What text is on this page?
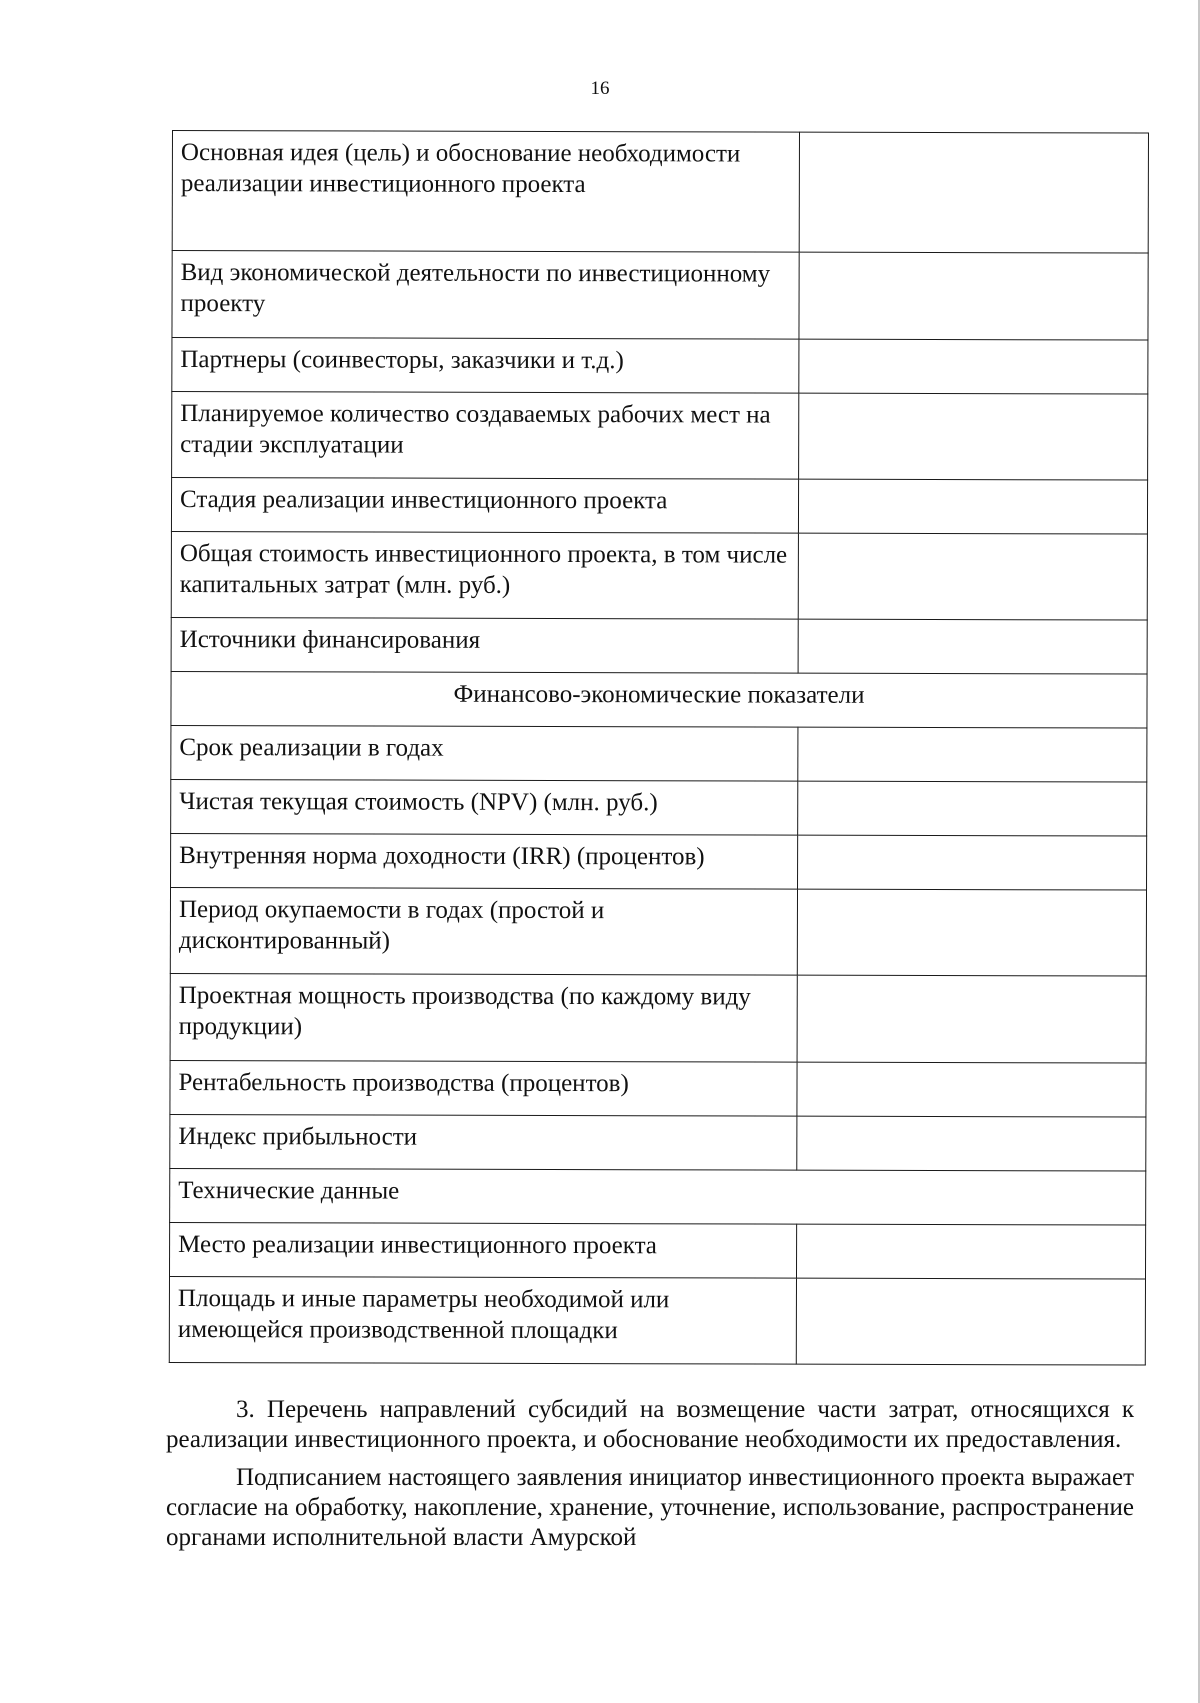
16
Основная идея (цель) и обоснование необходимости реализации инвестиционного проекта	
Вид экономической деятельности по инвестиционному проекту	
Партнеры (соинвесторы, заказчики и т.д.)	
Планируемое количество создаваемых рабочих мест на стадии эксплуатации	
Стадия реализации инвестиционного проекта	
Общая стоимость инвестиционного проекта, в том числе капитальных затрат (млн. руб.)	
Источники финансирования	
Финансово-экономические показатели	
Срок реализации в годах	
Чистая текущая стоимость (NPV) (млн. руб.)	
Внутренняя норма доходности (IRR) (процентов)	
Период окупаемости в годах (простой и дисконтированный)	
Проектная мощность производства (по каждому виду продукции)	
Рентабельность производства (процентов)	
Индекс прибыльности	
Технические данные	
Место реализации инвестиционного проекта	
Площадь и иные параметры необходимой или имеющейся производственной площадки	

3. Перечень направлений субсидий на возмещение части затрат, относящихся к реализации инвестиционного проекта, и обоснование необходимости их предоставления.

Подписанием настоящего заявления инициатор инвестиционного проекта выражает согласие на обработку, накопление, хранение, уточнение, использование, распространение органами исполнительной власти Амурской
